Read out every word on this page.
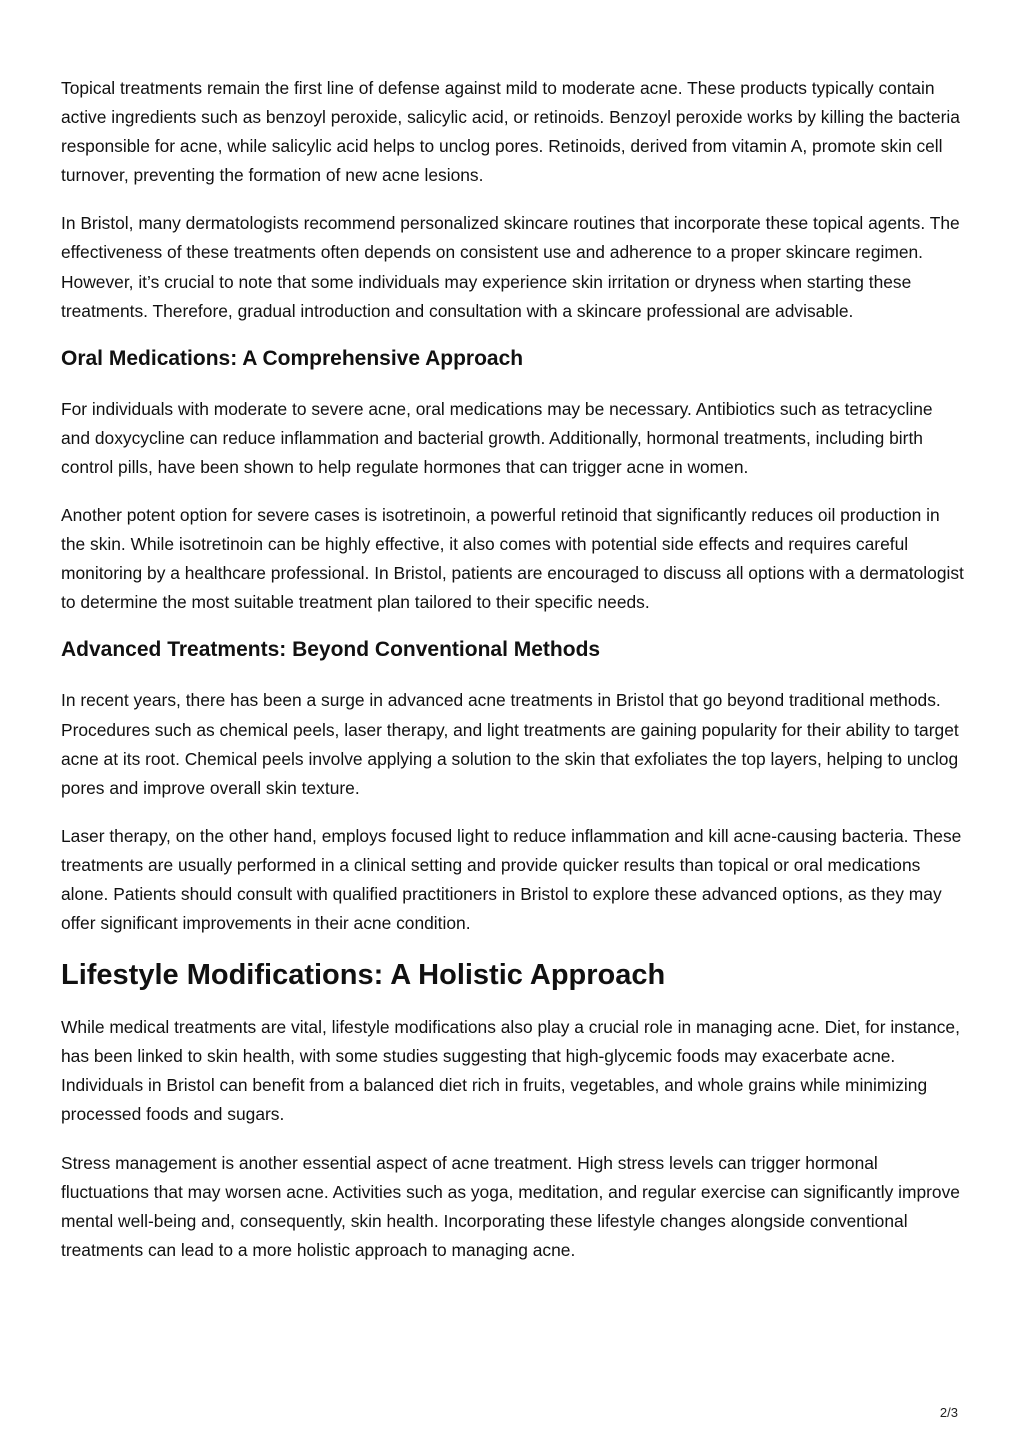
Topical treatments remain the first line of defense against mild to moderate acne. These products typically contain active ingredients such as benzoyl peroxide, salicylic acid, or retinoids. Benzoyl peroxide works by killing the bacteria responsible for acne, while salicylic acid helps to unclog pores. Retinoids, derived from vitamin A, promote skin cell turnover, preventing the formation of new acne lesions.

In Bristol, many dermatologists recommend personalized skincare routines that incorporate these topical agents. The effectiveness of these treatments often depends on consistent use and adherence to a proper skincare regimen. However, it’s crucial to note that some individuals may experience skin irritation or dryness when starting these treatments. Therefore, gradual introduction and consultation with a skincare professional are advisable.

Oral Medications: A Comprehensive Approach

For individuals with moderate to severe acne, oral medications may be necessary. Antibiotics such as tetracycline and doxycycline can reduce inflammation and bacterial growth. Additionally, hormonal treatments, including birth control pills, have been shown to help regulate hormones that can trigger acne in women.

Another potent option for severe cases is isotretinoin, a powerful retinoid that significantly reduces oil production in the skin. While isotretinoin can be highly effective, it also comes with potential side effects and requires careful monitoring by a healthcare professional. In Bristol, patients are encouraged to discuss all options with a dermatologist to determine the most suitable treatment plan tailored to their specific needs.

Advanced Treatments: Beyond Conventional Methods

In recent years, there has been a surge in advanced acne treatments in Bristol that go beyond traditional methods. Procedures such as chemical peels, laser therapy, and light treatments are gaining popularity for their ability to target acne at its root. Chemical peels involve applying a solution to the skin that exfoliates the top layers, helping to unclog pores and improve overall skin texture.

Laser therapy, on the other hand, employs focused light to reduce inflammation and kill acne-causing bacteria. These treatments are usually performed in a clinical setting and provide quicker results than topical or oral medications alone. Patients should consult with qualified practitioners in Bristol to explore these advanced options, as they may offer significant improvements in their acne condition.

Lifestyle Modifications: A Holistic Approach

While medical treatments are vital, lifestyle modifications also play a crucial role in managing acne. Diet, for instance, has been linked to skin health, with some studies suggesting that high-glycemic foods may exacerbate acne. Individuals in Bristol can benefit from a balanced diet rich in fruits, vegetables, and whole grains while minimizing processed foods and sugars.

Stress management is another essential aspect of acne treatment. High stress levels can trigger hormonal fluctuations that may worsen acne. Activities such as yoga, meditation, and regular exercise can significantly improve mental well-being and, consequently, skin health. Incorporating these lifestyle changes alongside conventional treatments can lead to a more holistic approach to managing acne.

2/3
